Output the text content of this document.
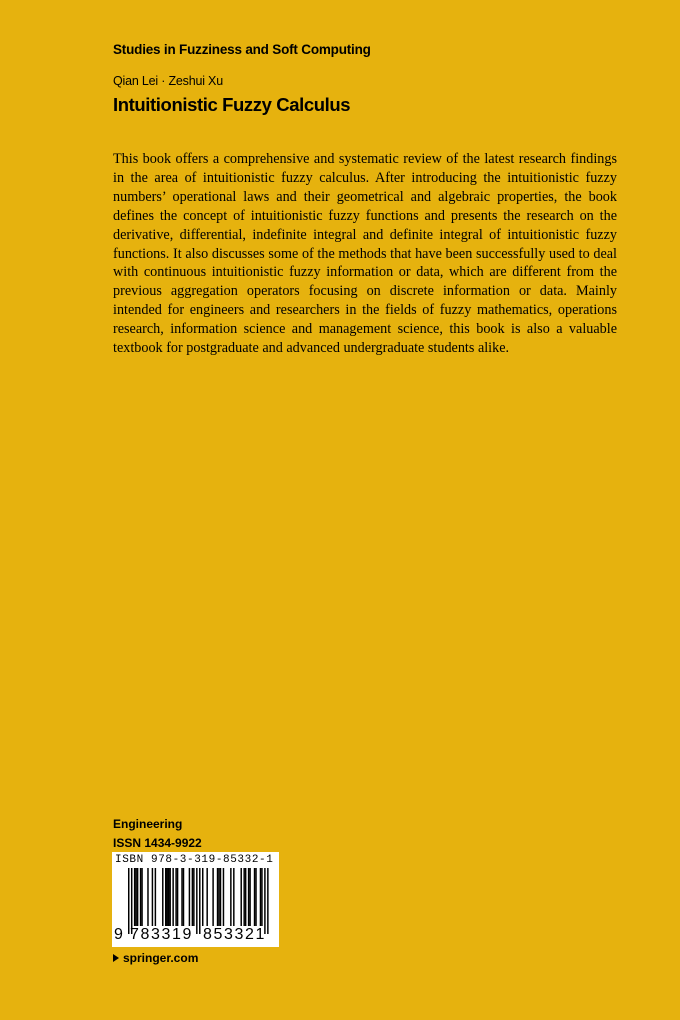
Studies in Fuzziness and Soft Computing
Qian Lei · Zeshui Xu
Intuitionistic Fuzzy Calculus

This book offers a comprehensive and systematic review of the latest research findings in the area of intuitionistic fuzzy calculus. After introducing the intuitionistic fuzzy numbers’ operational laws and their geometrical and algebraic properties, the book defines the concept of intuitionistic fuzzy functions and presents the research on the derivative, differential, indefinite integral and definite integral of intuitionistic fuzzy functions. It also discusses some of the methods that have been successfully used to deal with continuous intuitionistic fuzzy information or data, which are different from the previous aggregation operators focusing on discrete information or data. Mainly intended for engineers and researchers in the fields of fuzzy mathematics, operations research, information science and management science, this book is also a valuable textbook for postgraduate and advanced undergraduate students alike.

Engineering
ISSN 1434-9922
ISBN 978-3-319-85332-1
9 783319 853321
springer.com
